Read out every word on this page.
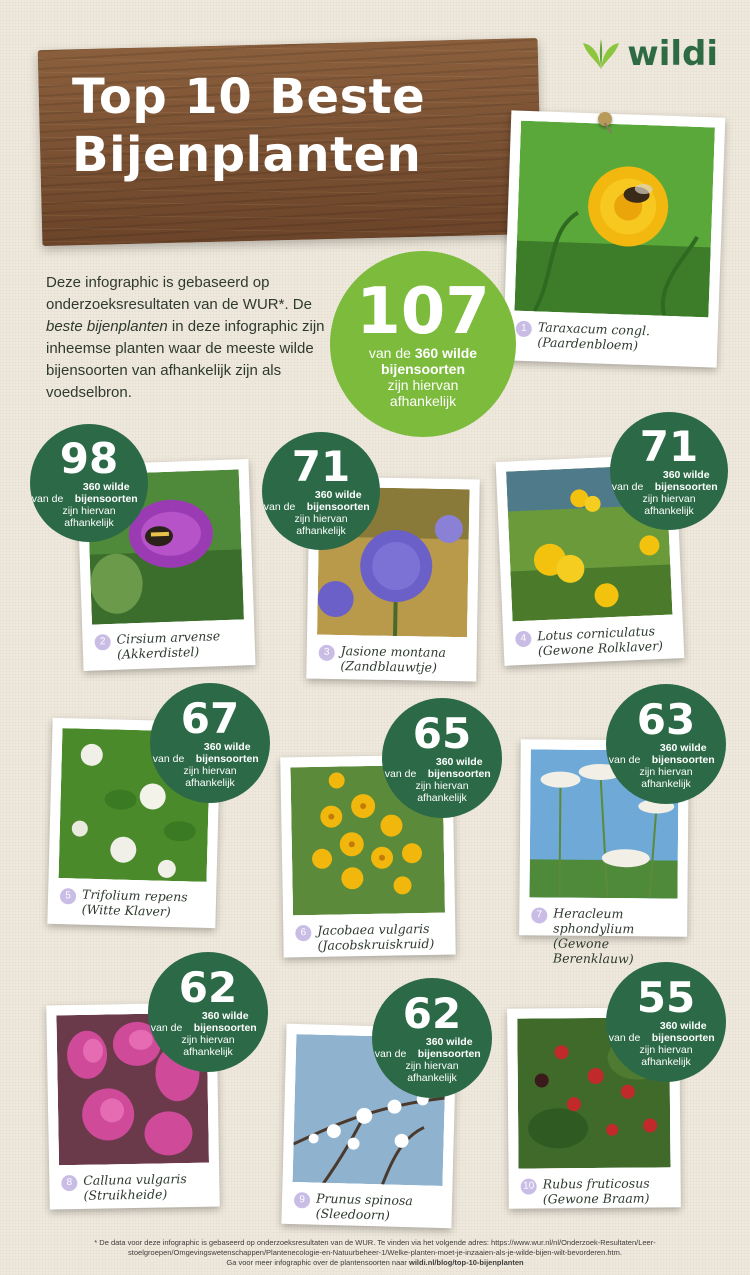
wildi
Top 10 Beste
Bijenplanten
Deze infographic is gebaseerd op onderzoeksresultaten van de WUR*. De beste bijenplanten in deze infographic zijn inheemse planten waar de meeste wilde bijensoorten van afhankelijk zijn als voedselbron.
1 Taraxacum congl.
(Paardenbloem)
107
van de 360 wilde bijensoorten
zijn hiervan afhankelijk
2 Cirsium arvense
(Akkerdistel)
98
van de 360 wilde bijensoorten
zijn hiervan afhankelijk
3 Jasione montana
(Zandblauwtje)
71
van de 360 wilde bijensoorten
zijn hiervan afhankelijk
4 Lotus corniculatus
(Gewone Rolklaver)
71
van de 360 wilde bijensoorten
zijn hiervan afhankelijk
5 Trifolium repens
(Witte Klaver)
67
van de 360 wilde bijensoorten
zijn hiervan afhankelijk
6 Jacobaea vulgaris
(Jacobskruiskruid)
65
van de 360 wilde bijensoorten
zijn hiervan afhankelijk
7 Heracleum sphondylium
(Gewone Berenklauw)
63
van de 360 wilde bijensoorten
zijn hiervan afhankelijk
8 Calluna vulgaris
(Struikheide)
62
van de 360 wilde bijensoorten
zijn hiervan afhankelijk
9 Prunus spinosa
(Sleedoorn)
62
van de 360 wilde bijensoorten
zijn hiervan afhankelijk
10 Rubus fruticosus
(Gewone Braam)
55
van de 360 wilde bijensoorten
zijn hiervan afhankelijk
* De data voor deze infographic is gebaseerd op onderzoeksresultaten van de WUR. Te vinden via het volgende adres: https://www.wur.nl/nl/Onderzoek-Resultaten/Leer-
stoelgroepen/Omgevingswetenschappen/Plantenecologie-en-Natuurbeheer-1/Welke-planten-moet-je-inzaaien-als-je-wilde-bijen-wilt-bevorderen.htm.
Ga voor meer infographic over de plantensoorten naar wildi.nl/blog/top-10-bijenplanten
